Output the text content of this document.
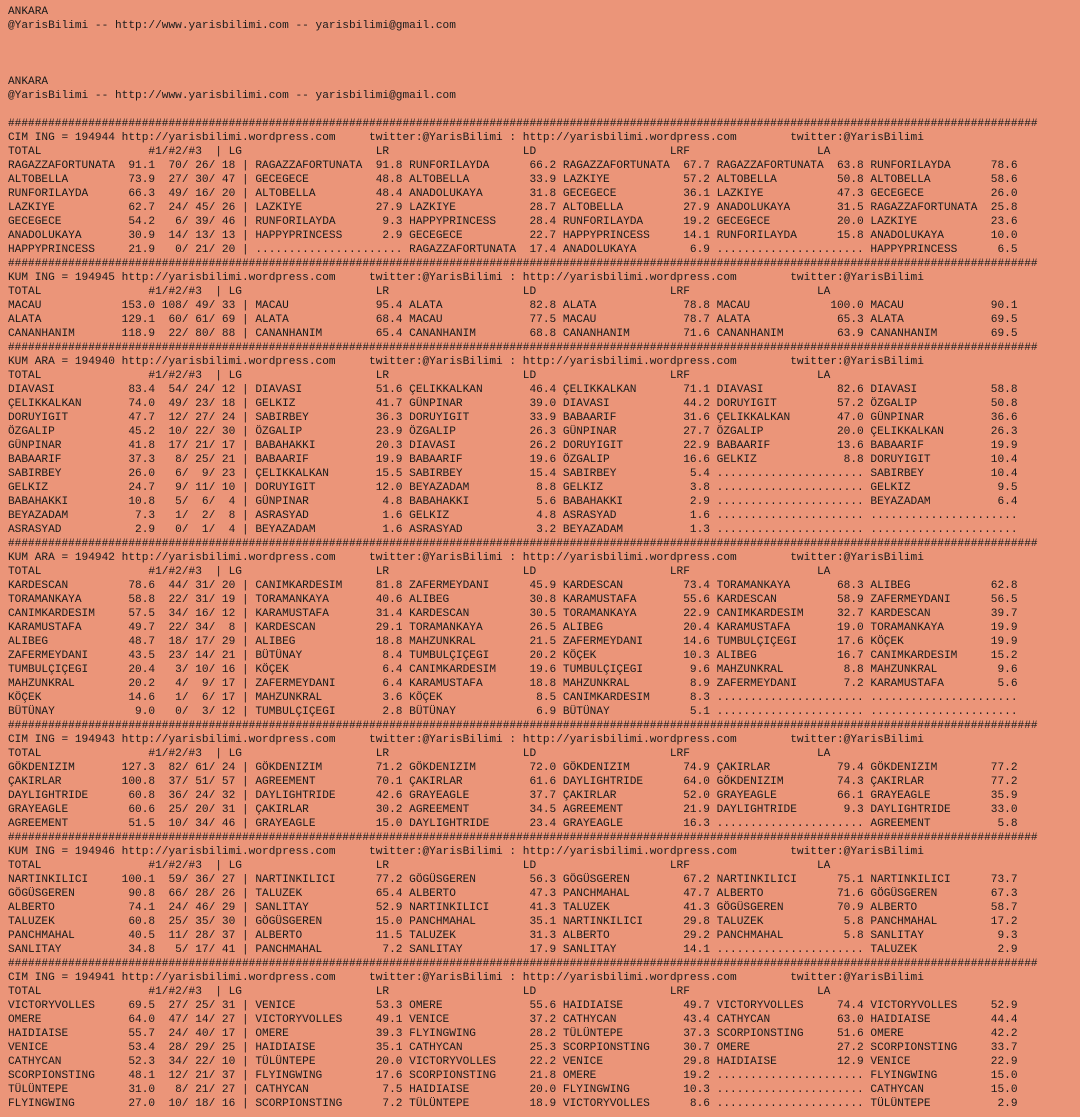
ANKARA
@YarisBilimi -- http://www.yarisbilimi.com -- yarisbilimi@gmail.com

ANKARA
@YarisBilimi -- http://www.yarisbilimi.com -- yarisbilimi@gmail.com

##########################################################################################################################################################
CIM ING = 194944 http://yarisbilimi.wordpress.com     twitter:@YarisBilimi : http://yarisbilimi.wordpress.com        twitter:@YarisBilimi
TOTAL                #1/#2/#3  | LG                    LR                    LD                    LRF                   LA
RAGAZZAFORTUNATA  91.1  70/ 26/ 18 | RAGAZZAFORTUNATA  91.8 RUNFORILAYDA      66.2 RAGAZZAFORTUNATA  67.7 RAGAZZAFORTUNATA  63.8 RUNFORILAYDA      78.6
ALTOBELLA         73.9  27/ 30/ 47 | GECEGECE          48.8 ALTOBELLA         33.9 LAZKIYE           57.2 ALTOBELLA         50.8 ALTOBELLA         58.6
RUNFORILAYDA      66.3  49/ 16/ 20 | ALTOBELLA         48.4 ANADOLUKAYA       31.8 GECEGECE          36.1 LAZKIYE           47.3 GECEGECE          26.0
LAZKIYE           62.7  24/ 45/ 26 | LAZKIYE           27.9 LAZKIYE           28.7 ALTOBELLA         27.9 ANADOLUKAYA       31.5 RAGAZZAFORTUNATA  25.8
GECEGECE          54.2   6/ 39/ 46 | RUNFORILAYDA       9.3 HAPPYPRINCESS     28.4 RUNFORILAYDA      19.2 GECEGECE          20.0 LAZKIYE           23.6
ANADOLUKAYA       30.9  14/ 13/ 13 | HAPPYPRINCESS      2.9 GECEGECE          22.7 HAPPYPRINCESS     14.1 RUNFORILAYDA      15.8 ANADOLUKAYA       10.0
HAPPYPRINCESS     21.9   0/ 21/ 20 | ...................... RAGAZZAFORTUNATA  17.4 ANADOLUKAYA        6.9 ...................... HAPPYPRINCESS      6.5
##########################################################################################################################################################
KUM ING = 194945 http://yarisbilimi.wordpress.com     twitter:@YarisBilimi : http://yarisbilimi.wordpress.com        twitter:@YarisBilimi
TOTAL                #1/#2/#3  | LG                    LR                    LD                    LRF                   LA
MACAU            153.0 108/ 49/ 33 | MACAU             95.4 ALATA             82.8 ALATA             78.8 MACAU            100.0 MACAU             90.1
ALATA            129.1  60/ 61/ 69 | ALATA             68.4 MACAU             77.5 MACAU             78.7 ALATA             65.3 ALATA             69.5
CANANHANIM       118.9  22/ 80/ 88 | CANANHANIM        65.4 CANANHANIM        68.8 CANANHANIM        71.6 CANANHANIM        63.9 CANANHANIM        69.5
##########################################################################################################################################################
KUM ARA = 194940 http://yarisbilimi.wordpress.com     twitter:@YarisBilimi : http://yarisbilimi.wordpress.com        twitter:@YarisBilimi
TOTAL                #1/#2/#3  | LG                    LR                    LD                    LRF                   LA
DIAVASI           83.4  54/ 24/ 12 | DIAVASI           51.6 ÇELIKKALKAN       46.4 ÇELIKKALKAN       71.1 DIAVASI           82.6 DIAVASI           58.8
ÇELIKKALKAN       74.0  49/ 23/ 18 | GELKIZ            41.7 GÜNPINAR          39.0 DIAVASI           44.2 DORUYIGIT         57.2 ÖZGALIP           50.8
DORUYIGIT         47.7  12/ 27/ 24 | SABIRBEY          36.3 DORUYIGIT         33.9 BABAARIF          31.6 ÇELIKKALKAN       47.0 GÜNPINAR          36.6
ÖZGALIP           45.2  10/ 22/ 30 | ÖZGALIP           23.9 ÖZGALIP           26.3 GÜNPINAR          27.7 ÖZGALIP           20.0 ÇELIKKALKAN       26.3
GÜNPINAR          41.8  17/ 21/ 17 | BABAHAKKI         20.3 DIAVASI           26.2 DORUYIGIT         22.9 BABAARIF          13.6 BABAARIF          19.9
BABAARIF          37.3   8/ 25/ 21 | BABAARIF          19.9 BABAARIF          19.6 ÖZGALIP           16.6 GELKIZ             8.8 DORUYIGIT         10.4
SABIRBEY          26.0   6/  9/ 23 | ÇELIKKALKAN       15.5 SABIRBEY          15.4 SABIRBEY           5.4 ...................... SABIRBEY          10.4
GELKIZ            24.7   9/ 11/ 10 | DORUYIGIT         12.0 BEYAZADAM          8.8 GELKIZ             3.8 ...................... GELKIZ             9.5
BABAHAKKI         10.8   5/  6/  4 | GÜNPINAR           4.8 BABAHAKKI          5.6 BABAHAKKI          2.9 ...................... BEYAZADAM          6.4
BEYAZADAM          7.3   1/  2/  8 | ASRASYAD           1.6 GELKIZ             4.8 ASRASYAD           1.6 ...................... ......................
ASRASYAD           2.9   0/  1/  4 | BEYAZADAM          1.6 ASRASYAD           3.2 BEYAZADAM          1.3 ...................... ......................
##########################################################################################################################################################
KUM ARA = 194942 http://yarisbilimi.wordpress.com     twitter:@YarisBilimi : http://yarisbilimi.wordpress.com        twitter:@YarisBilimi
TOTAL                #1/#2/#3  | LG                    LR                    LD                    LRF                   LA
KARDESCAN         78.6  44/ 31/ 20 | CANIMKARDESIM     81.8 ZAFERMEYDANI      45.9 KARDESCAN         73.4 TORAMANKAYA       68.3 ALIBEG            62.8
TORAMANKAYA       58.8  22/ 31/ 19 | TORAMANKAYA       40.6 ALIBEG            30.8 KARAMUSTAFA       55.6 KARDESCAN         58.9 ZAFERMEYDANI      56.5
CANIMKARDESIM     57.5  34/ 16/ 12 | KARAMUSTAFA       31.4 KARDESCAN         30.5 TORAMANKAYA       22.9 CANIMKARDESIM     32.7 KARDESCAN         39.7
KARAMUSTAFA       49.7  22/ 34/  8 | KARDESCAN         29.1 TORAMANKAYA       26.5 ALIBEG            20.4 KARAMUSTAFA       19.0 TORAMANKAYA       19.9
ALIBEG            48.7  18/ 17/ 29 | ALIBEG            18.8 MAHZUNKRAL        21.5 ZAFERMEYDANI      14.6 TUMBULÇIÇEGI      17.6 KÖÇEK             19.9
ZAFERMEYDANI      43.5  23/ 14/ 21 | BÜTÜNAY            8.4 TUMBULÇIÇEGI      20.2 KÖÇEK             10.3 ALIBEG            16.7 CANIMKARDESIM     15.2
TUMBULÇIÇEGI      20.4   3/ 10/ 16 | KÖÇEK              6.4 CANIMKARDESIM     19.6 TUMBULÇIÇEGI       9.6 MAHZUNKRAL         8.8 MAHZUNKRAL         9.6
MAHZUNKRAL        20.2   4/  9/ 17 | ZAFERMEYDANI       6.4 KARAMUSTAFA       18.8 MAHZUNKRAL         8.9 ZAFERMEYDANI       7.2 KARAMUSTAFA        5.6
KÖÇEK             14.6   1/  6/ 17 | MAHZUNKRAL         3.6 KÖÇEK              8.5 CANIMKARDESIM      8.3 ...................... ......................
BÜTÜNAY            9.0   0/  3/ 12 | TUMBULÇIÇEGI       2.8 BÜTÜNAY            6.9 BÜTÜNAY            5.1 ...................... ......................
##########################################################################################################################################################
CIM ING = 194943 http://yarisbilimi.wordpress.com     twitter:@YarisBilimi : http://yarisbilimi.wordpress.com        twitter:@YarisBilimi
TOTAL                #1/#2/#3  | LG                    LR                    LD                    LRF                   LA
GÖKDENIZIM       127.3  82/ 61/ 24 | GÖKDENIZIM        71.2 GÖKDENIZIM        72.0 GÖKDENIZIM        74.9 ÇAKIRLAR          79.4 GÖKDENIZIM        77.2
ÇAKIRLAR         100.8  37/ 51/ 57 | AGREEMENT         70.1 ÇAKIRLAR          61.6 DAYLIGHTRIDE      64.0 GÖKDENIZIM        74.3 ÇAKIRLAR          77.2
DAYLIGHTRIDE      60.8  36/ 24/ 32 | DAYLIGHTRIDE      42.6 GRAYEAGLE         37.7 ÇAKIRLAR          52.0 GRAYEAGLE         66.1 GRAYEAGLE         35.9
GRAYEAGLE         60.6  25/ 20/ 31 | ÇAKIRLAR          30.2 AGREEMENT         34.5 AGREEMENT         21.9 DAYLIGHTRIDE       9.3 DAYLIGHTRIDE      33.0
AGREEMENT         51.5  10/ 34/ 46 | GRAYEAGLE         15.0 DAYLIGHTRIDE      23.4 GRAYEAGLE         16.3 ...................... AGREEMENT          5.8
##########################################################################################################################################################
KUM ING = 194946 http://yarisbilimi.wordpress.com     twitter:@YarisBilimi : http://yarisbilimi.wordpress.com        twitter:@YarisBilimi
TOTAL                #1/#2/#3  | LG                    LR                    LD                    LRF                   LA
NARTINKILICI     100.1  59/ 36/ 27 | NARTINKILICI      77.2 GÖGÜSGEREN        56.3 GÖGÜSGEREN        67.2 NARTINKILICI      75.1 NARTINKILICI      73.7
GÖGÜSGEREN        90.8  66/ 28/ 26 | TALUZEK           65.4 ALBERTO           47.3 PANCHMAHAL        47.7 ALBERTO           71.6 GÖGÜSGEREN        67.3
ALBERTO           74.1  24/ 46/ 29 | SANLITAY          52.9 NARTINKILICI      41.3 TALUZEK           41.3 GÖGÜSGEREN        70.9 ALBERTO           58.7
TALUZEK           60.8  25/ 35/ 30 | GÖGÜSGEREN        15.0 PANCHMAHAL        35.1 NARTINKILICI      29.8 TALUZEK            5.8 PANCHMAHAL        17.2
PANCHMAHAL        40.5  11/ 28/ 37 | ALBERTO           11.5 TALUZEK           31.3 ALBERTO           29.2 PANCHMAHAL         5.8 SANLITAY           9.3
SANLITAY          34.8   5/ 17/ 41 | PANCHMAHAL         7.2 SANLITAY          17.9 SANLITAY          14.1 ...................... TALUZEK            2.9
##########################################################################################################################################################
CIM ING = 194941 http://yarisbilimi.wordpress.com     twitter:@YarisBilimi : http://yarisbilimi.wordpress.com        twitter:@YarisBilimi
TOTAL                #1/#2/#3  | LG                    LR                    LD                    LRF                   LA
VICTORYVOLLES     69.5  27/ 25/ 31 | VENICE            53.3 OMERE             55.6 HAIDIAISE         49.7 VICTORYVOLLES     74.4 VICTORYVOLLES     52.9
OMERE             64.0  47/ 14/ 27 | VICTORYVOLLES     49.1 VENICE            37.2 CATHYCAN          43.4 CATHYCAN          63.0 HAIDIAISE         44.4
HAIDIAISE         55.7  24/ 40/ 17 | OMERE             39.3 FLYINGWING        28.2 TÜLÜNTEPE         37.3 SCORPIONSTING     51.6 OMERE             42.2
VENICE            53.4  28/ 29/ 25 | HAIDIAISE         35.1 CATHYCAN          25.3 SCORPIONSTING     30.7 OMERE             27.2 SCORPIONSTING     33.7
CATHYCAN          52.3  34/ 22/ 10 | TÜLÜNTEPE         20.0 VICTORYVOLLES     22.2 VENICE            29.8 HAIDIAISE         12.9 VENICE            22.9
SCORPIONSTING     48.1  12/ 21/ 37 | FLYINGWING        17.6 SCORPIONSTING     21.8 OMERE             19.2 ...................... FLYINGWING        15.0
TÜLÜNTEPE         31.0   8/ 21/ 27 | CATHYCAN           7.5 HAIDIAISE         20.0 FLYINGWING        10.3 ...................... CATHYCAN          15.0
FLYINGWING        27.0  10/ 18/ 16 | SCORPIONSTING      7.2 TÜLÜNTEPE         18.9 VICTORYVOLLES      8.6 ...................... TÜLÜNTEPE          2.9
